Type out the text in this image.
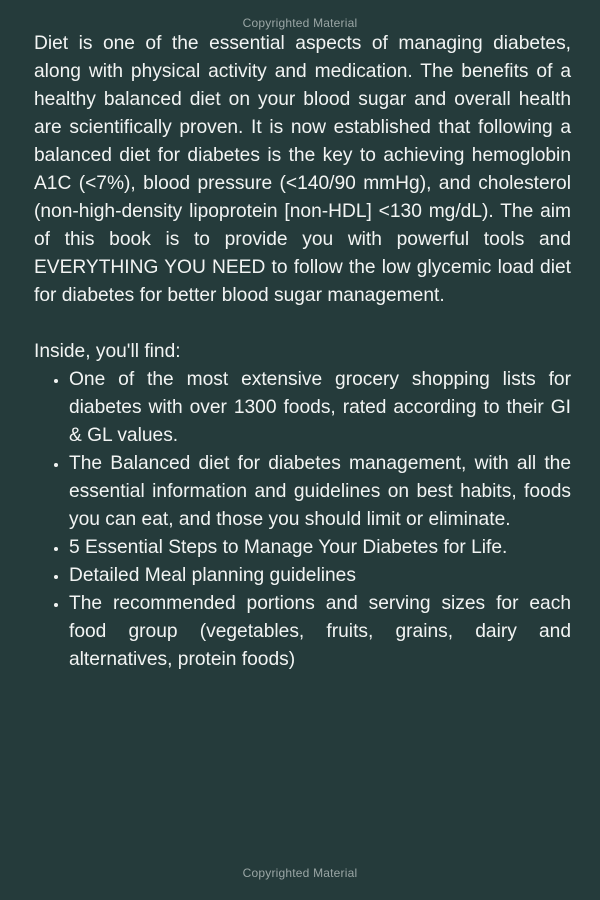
Copyrighted Material

Diet is one of the essential aspects of managing diabetes, along with physical activity and medication. The benefits of a healthy balanced diet on your blood sugar and overall health are scientifically proven. It is now established that following a balanced diet for diabetes is the key to achieving hemoglobin A1C (<7%), blood pressure (<140/90 mmHg), and cholesterol (non-high-density lipoprotein [non-HDL] <130 mg/dL). The aim of this book is to provide you with powerful tools and EVERYTHING YOU NEED to follow the low glycemic load diet for diabetes for better blood sugar management.

Inside, you'll find:

• One of the most extensive grocery shopping lists for diabetes with over 1300 foods, rated according to their GI & GL values.
• The Balanced diet for diabetes management, with all the essential information and guidelines on best habits, foods you can eat, and those you should limit or eliminate.
• 5 Essential Steps to Manage Your Diabetes for Life.
• Detailed Meal planning guidelines
• The recommended portions and serving sizes for each food group (vegetables, fruits, grains, dairy and alternatives, protein foods)
Copyrighted Material
